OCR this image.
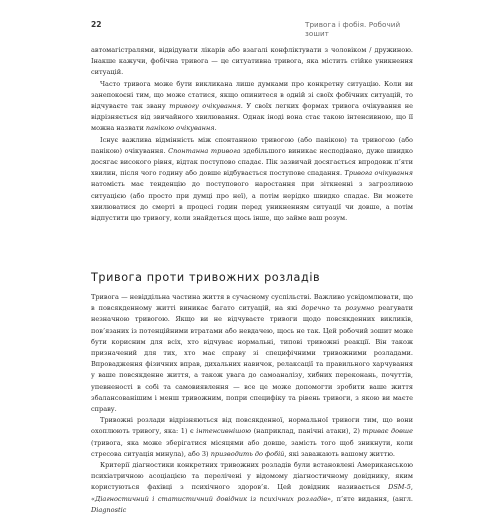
22	Тривога і фобія. Робочий зошит

автомагістралями, відвідувати лікарів або взагалі конфліктувати з чоловіком / дружиною. Інакше кажучи, фобічна тривога — це ситуативна тривога, яка містить стійке уникнення ситуацій.

Часто тривога може бути викликана лише думками про конкретну ситуацію. Коли ви занепокоєні тим, що може статися, якщо опинитеся в одній зі своїх фобічних ситуацій, то відчуваєте так звану тривогу очікування. У своїх легких формах тривога очікування не відрізняється від звичайного хвилювання. Однак іноді вона стає такою інтенсивною, що її можна назвати панікою очікування.

Існує важлива відмінність між спонтанною тривогою (або панікою) та тривогою (або панікою) очікування. Спонтанна тривога здебільшого виникає несподівано, дуже швидко досягає високого рівня, відтак поступово спадає. Пік зазвичай досягається впродовж п’яти хвилин, після чого годину або довше відбувається поступове спадання. Тривога очікування натомість має тенденцію до поступового наростання при зіткненні з загрозливою ситуацією (або просто при думці про неї), а потім нерідко швидко спадає. Ви можете хвилюватися до смерті в процесі годин перед уникненням ситуації чи довше, а потім відпустити цю тривогу, коли знайдеться щось інше, що займе ваш розум.

Тривога проти тривожних розладів

Тривога — невіддільна частина життя в сучасному суспільстві. Важливо усвідомлювати, що в повсякденному житті виникає багато ситуацій, на які доречно та розумно реагувати незначною тривогою. Якщо ви не відчуваєте тривоги щодо повсякденних викликів, пов’язаних із потенційними втратами або невдачею, щось не так. Цей робочий зошит може бути корисним для всіх, хто відчуває нормальні, типові тривожні реакції. Він також призначений для тих, хто має справу зі специфічними тривожними розладами. Впровадження фізичних вправ, дихальних навичок, релаксації та правильного харчування у ваше повсякденне життя, а також увага до самоаналізу, хибних переконань, почуттів, упевненості в собі та самовиявлення — все це може допомогти зробити ваше життя збалансованішим і менш тривожним, попри специфіку та рівень тривоги, з якою ви маєте справу.

Тривожні розлади відрізняються від повсякденної, нормальної тривоги тим, що вони охоплюють тривогу, яка: 1) є інтенсивнішою (наприклад, панічні атаки), 2) триває довше (тривога, яка може зберігатися місяцями або довше, замість того щоб зникнути, коли стресова ситуація минула), або 3) призводить до фобій, які заважають вашому життю.

Критерії діагностики конкретних тривожних розладів були встановлені Американською психіатричною асоціацією та перелічені у відомому діагностичному довіднику, яким користуються фахівці з психічного здоров’я. Цей довідник називається DSM-5, «Діагностичний і статистичний довідник із психічних розладів», п’яте видання, (англ. Diagnostic
